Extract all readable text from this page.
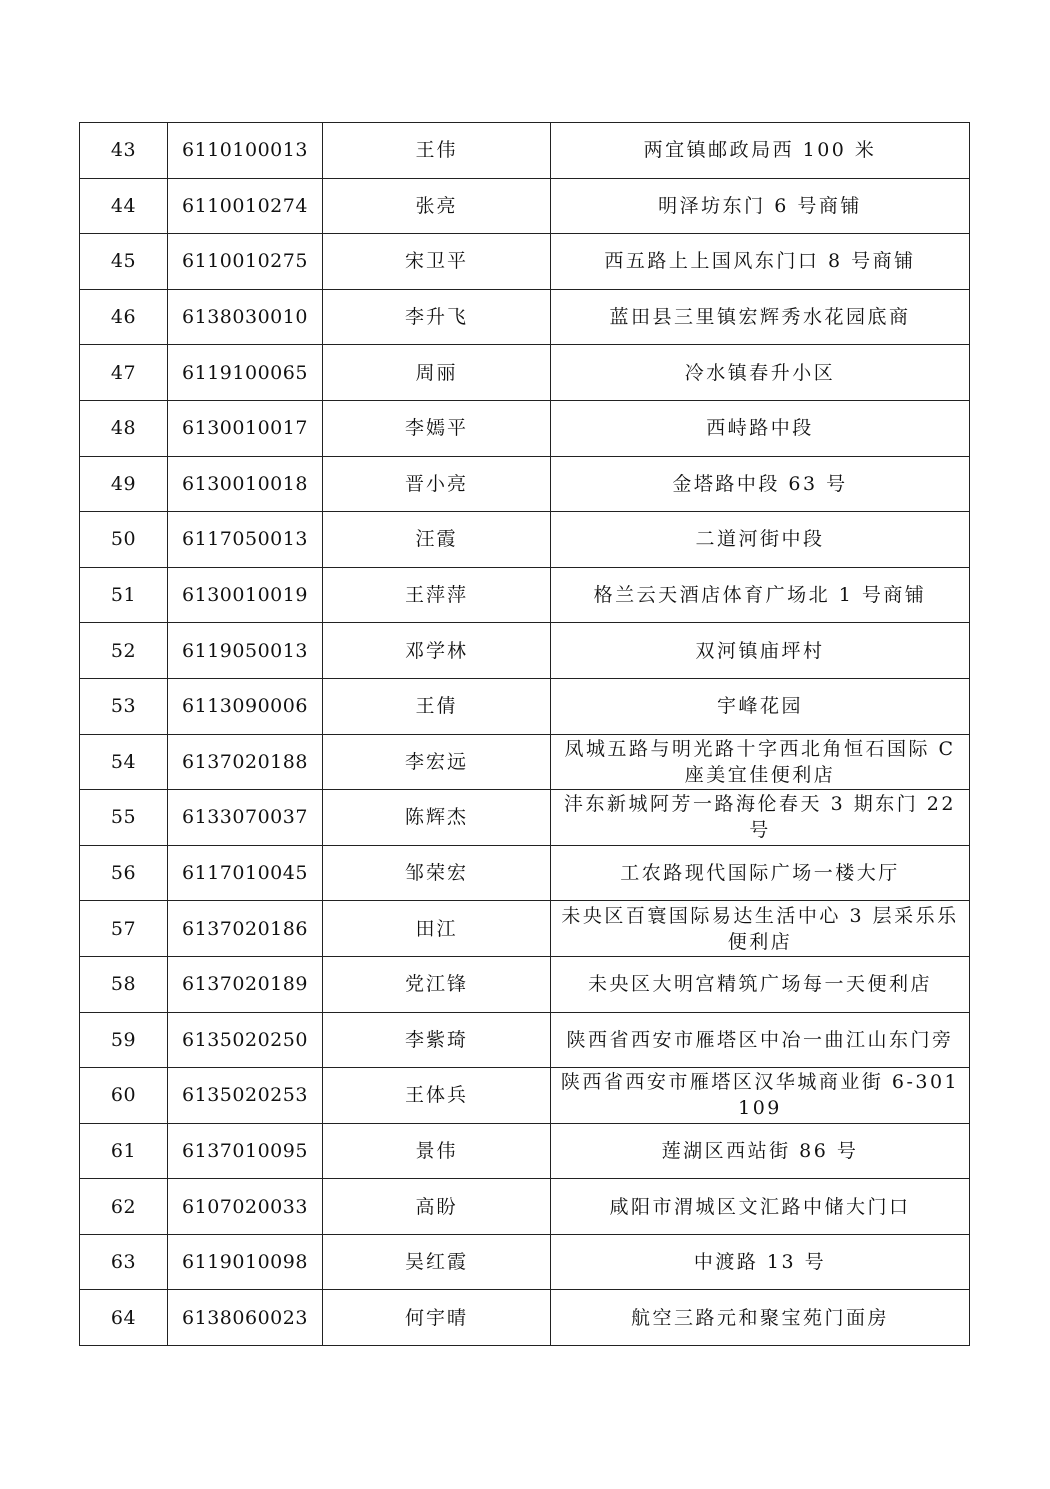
43	6110100013	王伟	两宜镇邮政局西 100 米
44	6110010274	张亮	明泽坊东门 6 号商铺
45	6110010275	宋卫平	西五路上上国风东门口 8 号商铺
46	6138030010	李升飞	蓝田县三里镇宏辉秀水花园底商
47	6119100065	周丽	冷水镇春升小区
48	6130010017	李嫣平	西峙路中段
49	6130010018	晋小亮	金塔路中段 63 号
50	6117050013	汪霞	二道河街中段
51	6130010019	王萍萍	格兰云天酒店体育广场北 1 号商铺
52	6119050013	邓学林	双河镇庙坪村
53	6113090006	王倩	宇峰花园
54	6137020188	李宏远	凤城五路与明光路十字西北角恒石国际 C 座美宜佳便利店
55	6133070037	陈辉杰	沣东新城阿芳一路海伦春天 3 期东门 22 号
56	6117010045	邹荣宏	工农路现代国际广场一楼大厅
57	6137020186	田江	未央区百寰国际易达生活中心 3 层采乐乐便利店
58	6137020189	党江锋	未央区大明宫精筑广场每一天便利店
59	6135020250	李紫琦	陕西省西安市雁塔区中冶一曲江山东门旁
60	6135020253	王体兵	陕西省西安市雁塔区汉华城商业街 6-301109
61	6137010095	景伟	莲湖区西站街 86 号
62	6107020033	高盼	咸阳市渭城区文汇路中储大门口
63	6119010098	吴红霞	中渡路 13 号
64	6138060023	何宇晴	航空三路元和聚宝苑门面房
